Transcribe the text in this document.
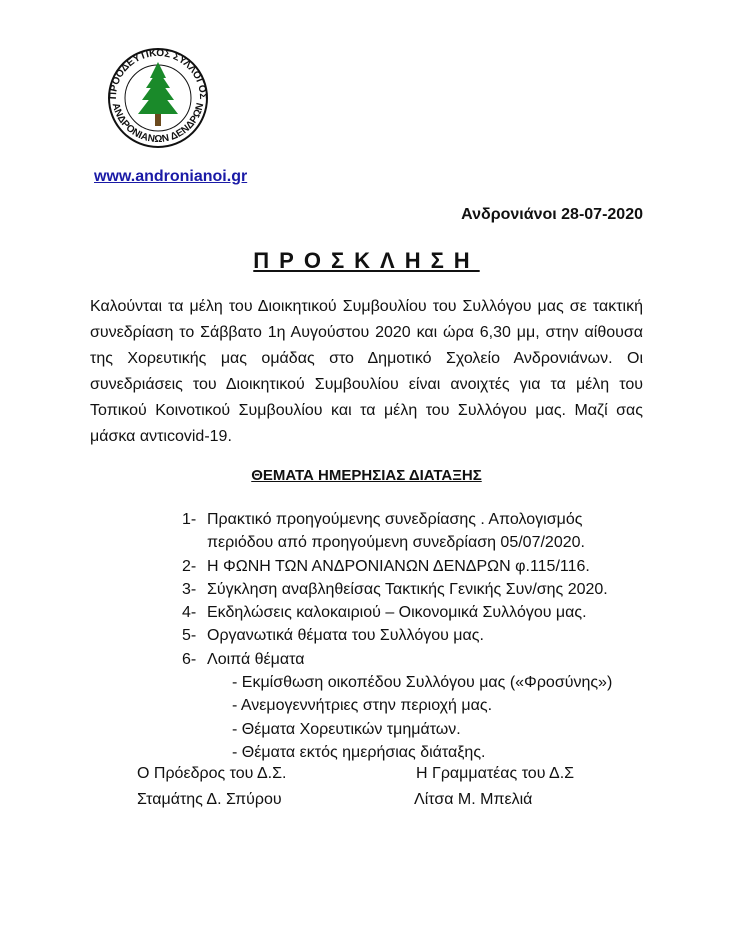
ΠΡΟΟΔΕΥΤΙΚΟΣ ΣΥΛΛΟΓΟΣ
ΑΝΔΡΟΝΙΑΝΩΝ ΔΕΝΔΡΩΝ
www.andronianoi.gr
Ανδρονιάνοι 28-07-2020
ΠΡΟΣΚΛΗΣΗ
Καλούνται τα μέλη του Διοικητικού Συμβουλίου του Συλλόγου μας σε τακτική συνεδρίαση το Σάββατο 1η Αυγούστου 2020 και ώρα 6,30 μμ, στην αίθουσα της Χορευτικής μας ομάδας στο Δημοτικό Σχολείο Ανδρονιάνων. Οι συνεδριάσεις του Διοικητικού Συμβουλίου είναι ανοιχτές για τα μέλη του Τοπικού Κοινοτικού Συμβουλίου και τα μέλη του Συλλόγου μας. Μαζί σας μάσκα αντιcovid-19.
ΘΕΜΑΤΑ ΗΜΕΡΗΣΙΑΣ ΔΙΑΤΑΞΗΣ
1- Πρακτικό προηγούμενης συνεδρίασης . Απολογισμός
περιόδου από προηγούμενη συνεδρίαση 05/07/2020.
2- Η ΦΩΝΗ ΤΩΝ ΑΝΔΡΟΝΙΑΝΩΝ ΔΕΝΔΡΩΝ φ.115/116.
3- Σύγκληση αναβληθείσας Τακτικής Γενικής Συν/σης 2020.
4- Εκδηλώσεις καλοκαιριού – Οικονομικά Συλλόγου μας.
5- Οργανωτικά θέματα του Συλλόγου μας.
6- Λοιπά θέματα
- Εκμίσθωση οικοπέδου Συλλόγου μας («Φροσύνης»)
- Ανεμογεννήτριες στην περιοχή μας.
- Θέματα Χορευτικών τμημάτων.
- Θέματα εκτός ημερήσιας διάταξης.
Ο Πρόεδρος του Δ.Σ.
Σταμάτης Δ. Σπύρου
Η Γραμματέας του Δ.Σ
Λίτσα Μ. Μπελιά
